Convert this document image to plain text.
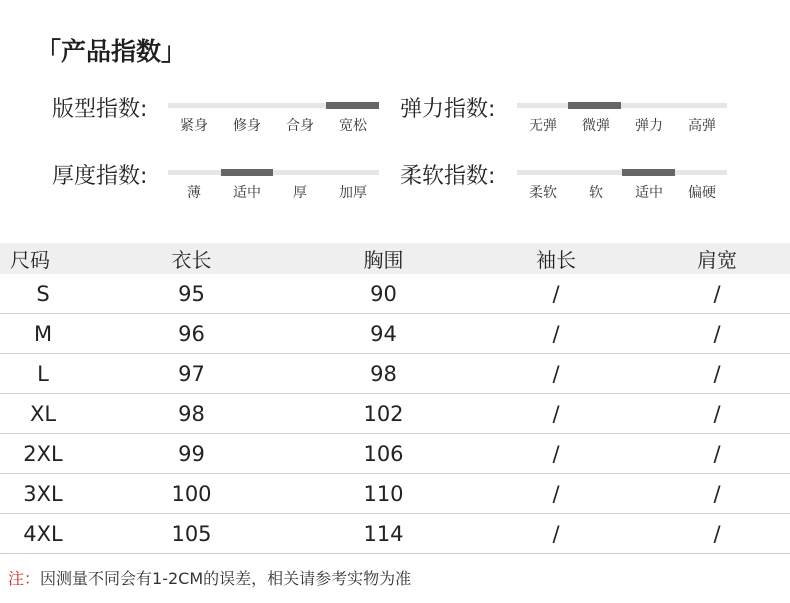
「产品指数」
版型指数:
紧身	修身	合身	宽松
弹力指数:
无弹	微弹	弹力	高弹
厚度指数:
薄	适中	厚	加厚
柔软指数:
柔软	软	适中	偏硬
尺码	衣长	胸围	袖长	肩宽
S	95	90	/	/
M	96	94	/	/
L	97	98	/	/
XL	98	102	/	/
2XL	99	106	/	/
3XL	100	110	/	/
4XL	105	114	/	/
注：因测量不同会有1-2CM的误差，相关请参考实物为准
